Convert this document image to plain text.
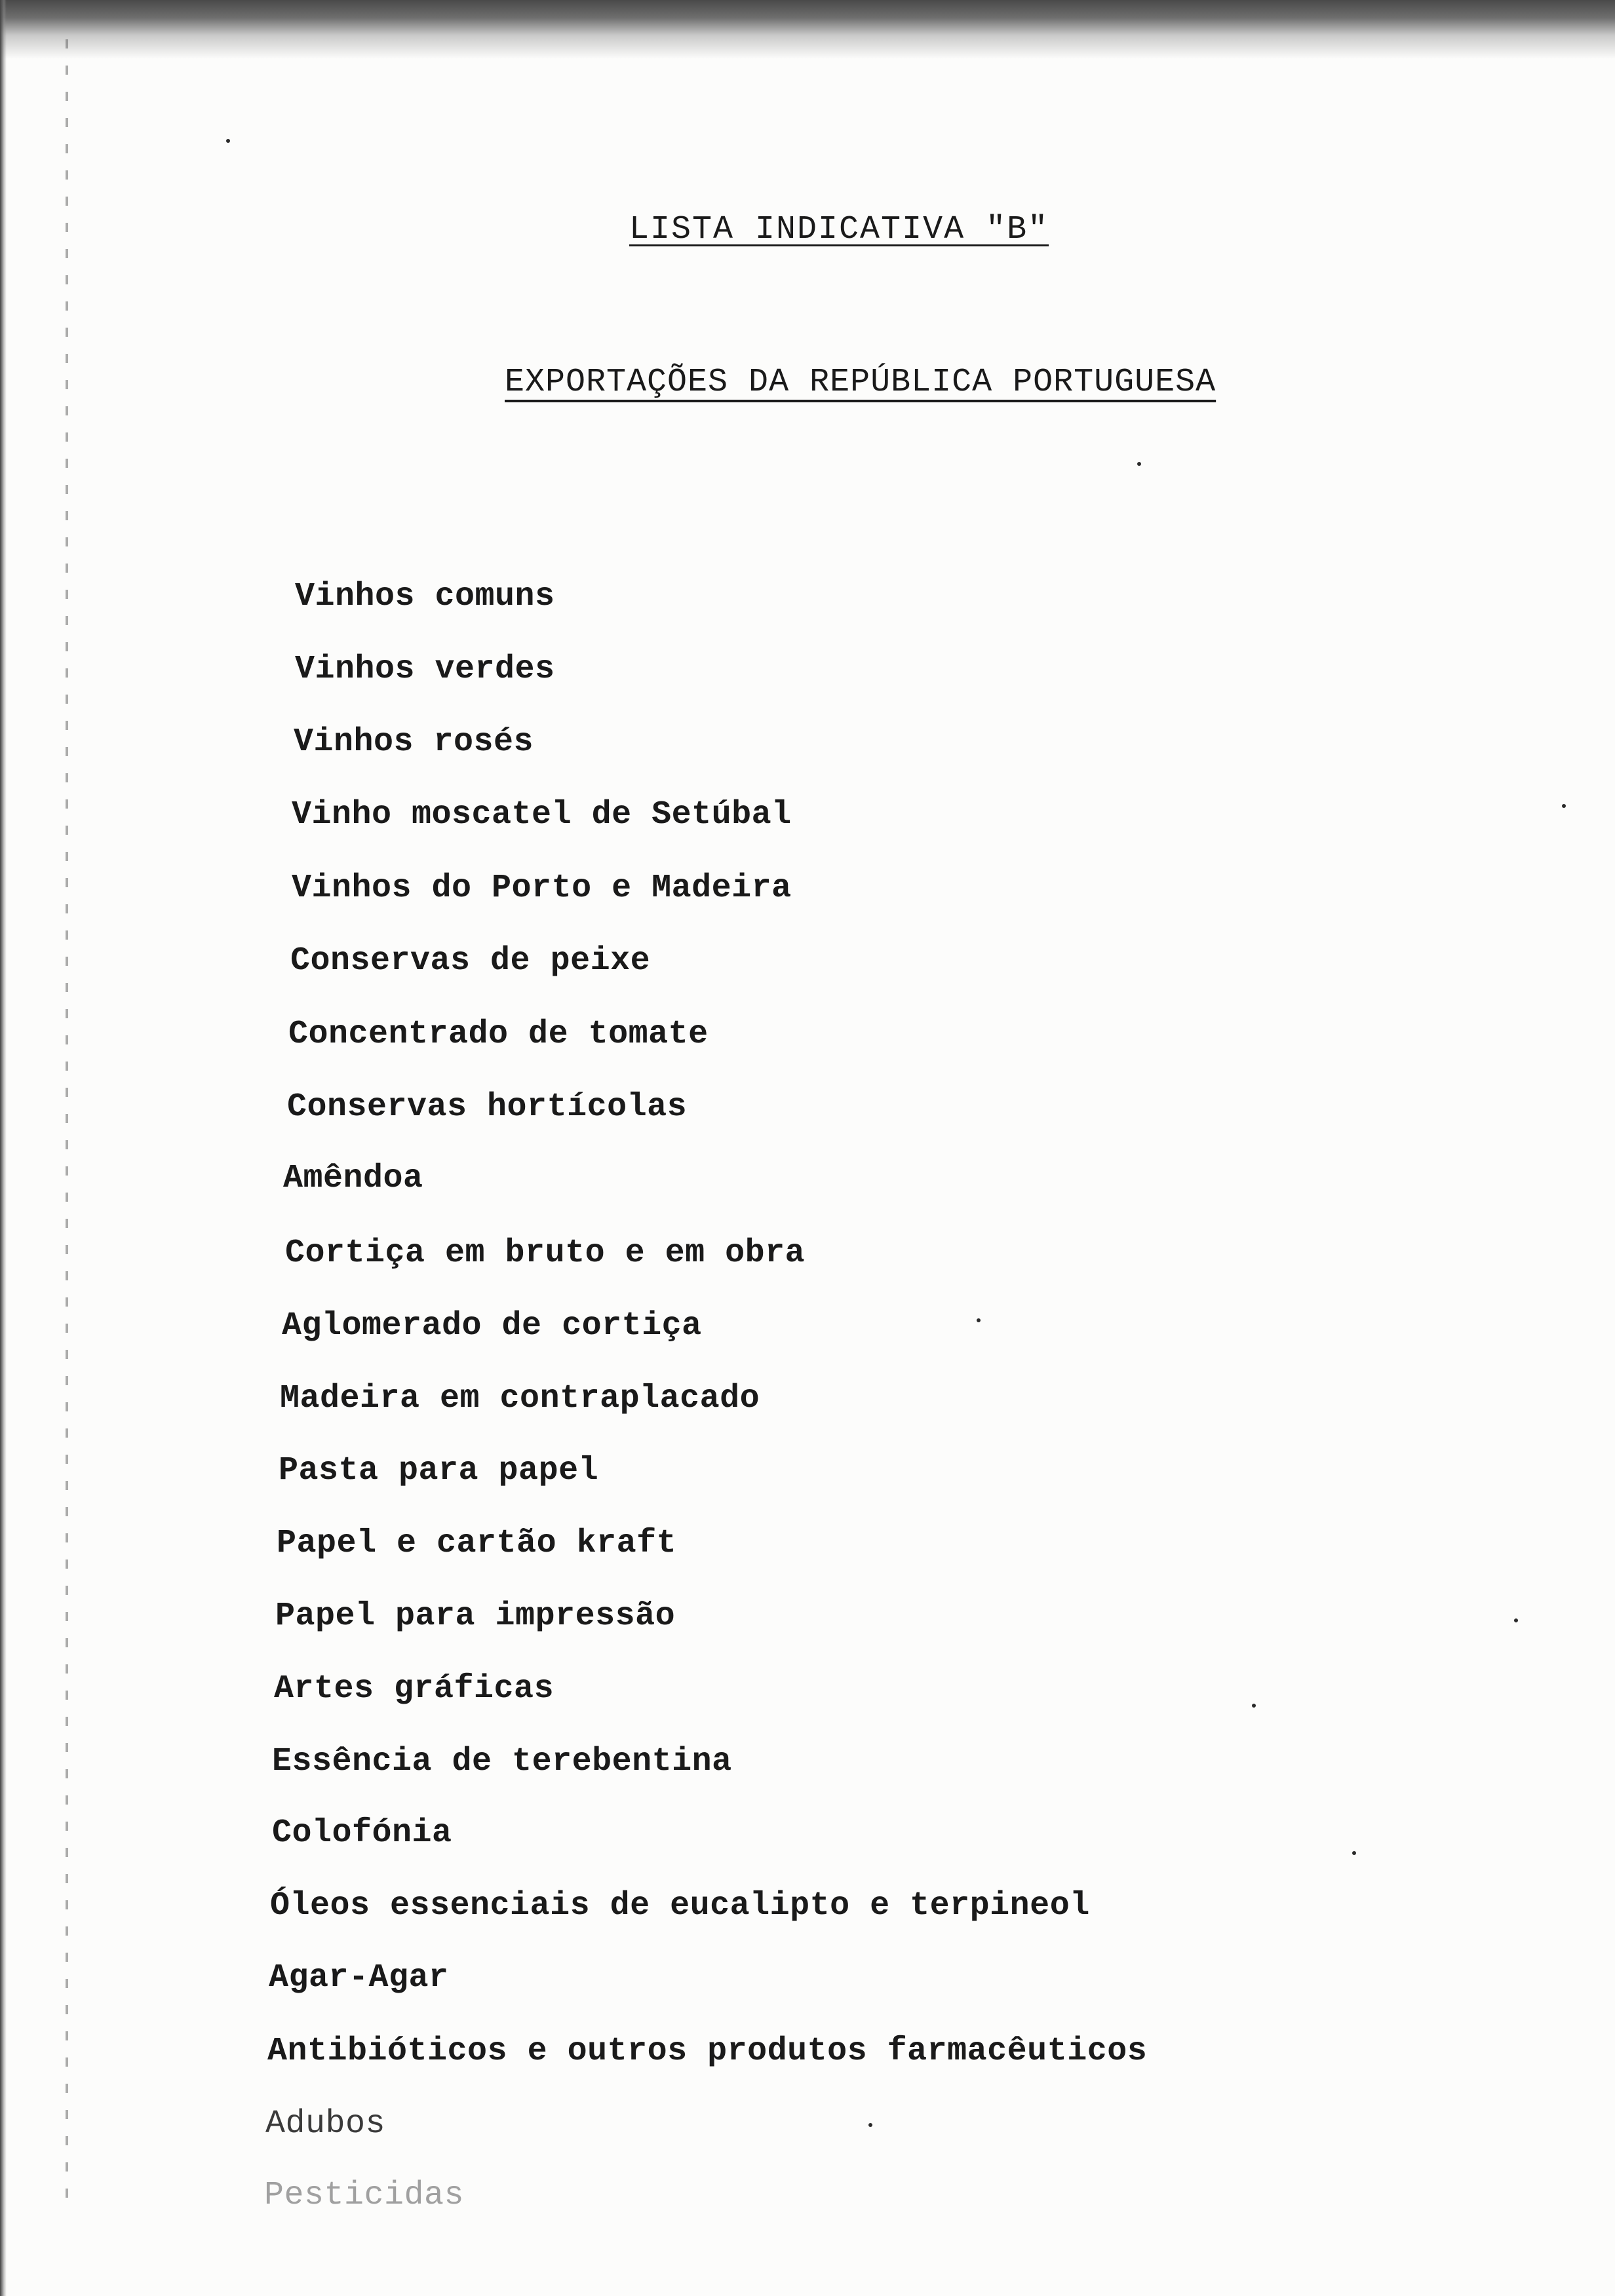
LISTA INDICATIVA "B"
EXPORTAÇÕES DA REPÚBLICA PORTUGUESA
Vinhos comuns
Vinhos verdes
Vinhos rosés
Vinho moscatel de Setúbal
Vinhos do Porto e Madeira
Conservas de peixe
Concentrado de tomate
Conservas hortícolas
Amêndoa
Cortiça em bruto e em obra
Aglomerado de cortiça
Madeira em contraplacado
Pasta para papel
Papel e cartão kraft
Papel para impressão
Artes gráficas
Essência de terebentina
Colofónia
Óleos essenciais de eucalipto e terpineol
Agar-Agar
Antibióticos e outros produtos farmacêuticos
Adubos
Pesticidas
